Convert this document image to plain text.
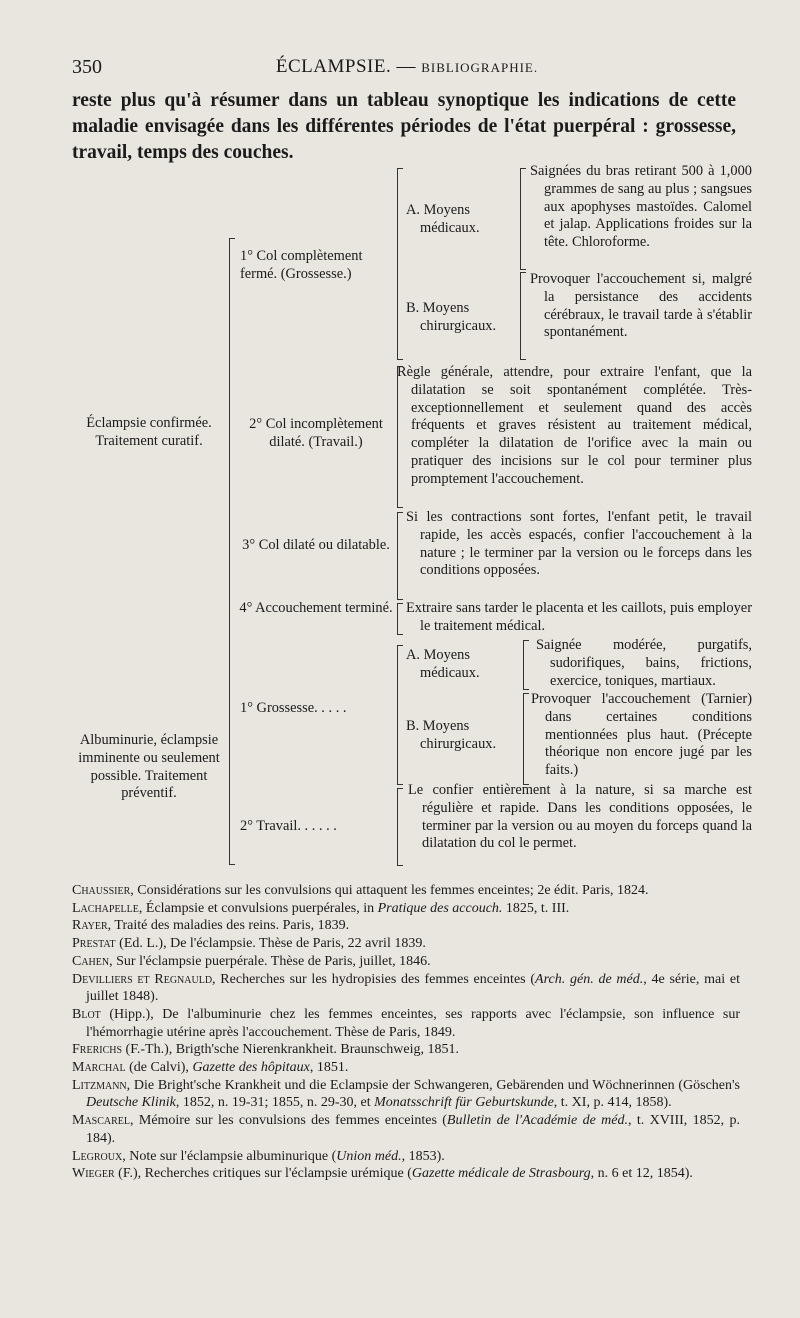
350	ÉCLAMPSIE. — BIBLIOGRAPHIE.
reste plus qu'à résumer dans un tableau synoptique les indications de cette maladie envisagée dans les différentes périodes de l'état puerpéral : grossesse, travail, temps des couches.
Éclampsie confirmée. Traitement curatif.
1° Col complètement fermé. (Grossesse.)
A. Moyens médicaux.
Saignées du bras retirant 500 à 1,000 grammes de sang au plus ; sangsues aux apophyses mastoïdes. Calomel et jalap. Applications froides sur la tête. Chloroforme.
B. Moyens chirurgicaux.
Provoquer l'accouchement si, malgré la persistance des accidents cérébraux, le travail tarde à s'établir spontanément.
2° Col incomplètement dilaté. (Travail.)
Règle générale, attendre, pour extraire l'enfant, que la dilatation se soit spontanément complétée. Très-exceptionnellement et seulement quand des accès fréquents et graves résistent au traitement médical, compléter la dilatation de l'orifice avec la main ou pratiquer des incisions sur le col pour terminer plus promptement l'accouchement.
3° Col dilaté ou dilatable.
Si les contractions sont fortes, l'enfant petit, le travail rapide, les accès espacés, confier l'accouchement à la nature ; le terminer par la version ou le forceps dans les conditions opposées.
4° Accouchement terminé. Extraire sans tarder le placenta et les caillots, puis employer le traitement médical.
Albuminurie, éclampsie imminente ou seulement possible. Traitement préventif.
1° Grossesse. . . . .
A. Moyens médicaux.
Saignée modérée, purgatifs, sudorifiques, bains, frictions, exercice, toniques, martiaux.
B. Moyens chirurgicaux.
Provoquer l'accouchement (Tarnier) dans certaines conditions mentionnées plus haut. (Précepte théorique non encore jugé par les faits.)
2° Travail. . . . . .
Le confier entièrement à la nature, si sa marche est régulière et rapide. Dans les conditions opposées, le terminer par la version ou au moyen du forceps quand la dilatation du col le permet.
Chaussier, Considérations sur les convulsions qui attaquent les femmes enceintes; 2e édit. Paris, 1824.
Lachapelle, Éclampsie et convulsions puerpérales, in Pratique des accouch. 1825, t. III.
Rayer, Traité des maladies des reins. Paris, 1839.
Prestat (Ed. L.), De l'éclampsie. Thèse de Paris, 22 avril 1839.
Cahen, Sur l'éclampsie puerpérale. Thèse de Paris, juillet, 1846.
Devilliers et Regnauld, Recherches sur les hydropisies des femmes enceintes (Arch. gén. de méd., 4e série, mai et juillet 1848).
Blot (Hipp.), De l'albuminurie chez les femmes enceintes, ses rapports avec l'éclampsie, son influence sur l'hémorrhagie utérine après l'accouchement. Thèse de Paris, 1849.
Frerichs (F.-Th.), Brigth'sche Nierenkrankheit. Braunschweig, 1851.
Marchal (de Calvi), Gazette des hôpitaux, 1851.
Litzmann, Die Bright'sche Krankheit und die Eclampsie der Schwangeren, Gebärenden und Wöchnerinnen (Göschen's Deutsche Klinik, 1852, n. 19-31; 1855, n. 29-30, et Monatsschrift für Geburtskunde, t. XI, p. 414, 1858).
Mascarel, Mémoire sur les convulsions des femmes enceintes (Bulletin de l'Académie de méd., t. XVIII, 1852, p. 184).
Legroux, Note sur l'éclampsie albuminurique (Union méd., 1853).
Wieger (F.), Recherches critiques sur l'éclampsie urémique (Gazette médicale de Strasbourg, n. 6 et 12, 1854).
